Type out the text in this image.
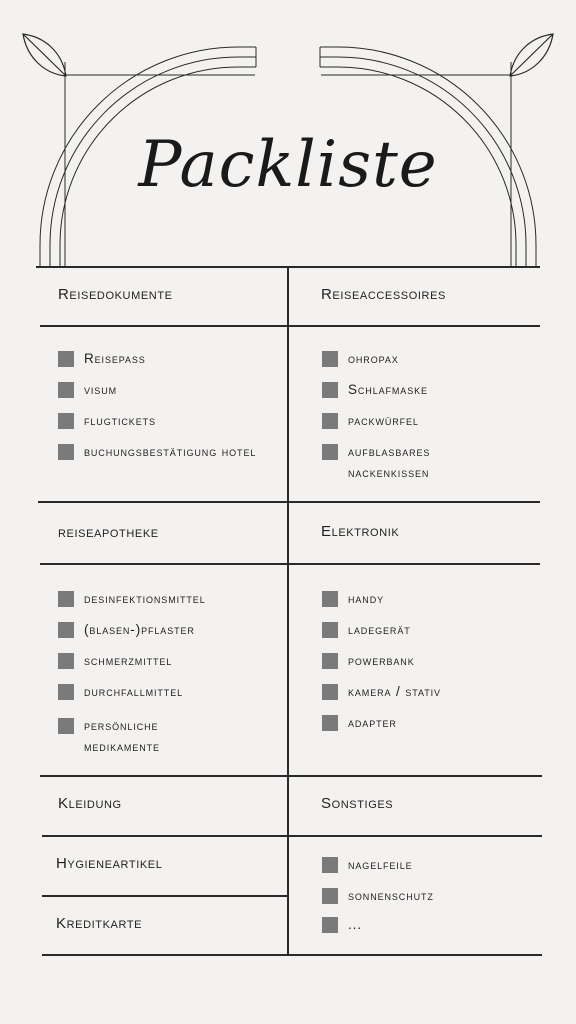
Packliste
Reisedokumente
Reisepass
visum
flugtickets
buchungsbestätigung hotel
Reiseaccessoires
ohropax
Schlafmaske
packwürfel
aufblasbares nackenkissen
reiseapotheke
desinfektionsmittel
(blasen-)pflaster
schmerzmittel
durchfallmittel
persönliche medikamente
Elektronik
handy
ladegerät
powerbank
kamera / stativ
adapter
Kleidung	Sonstiges
nagelfeile
sonnenschutz
...
Hygieneartikel
Kreditkarte
